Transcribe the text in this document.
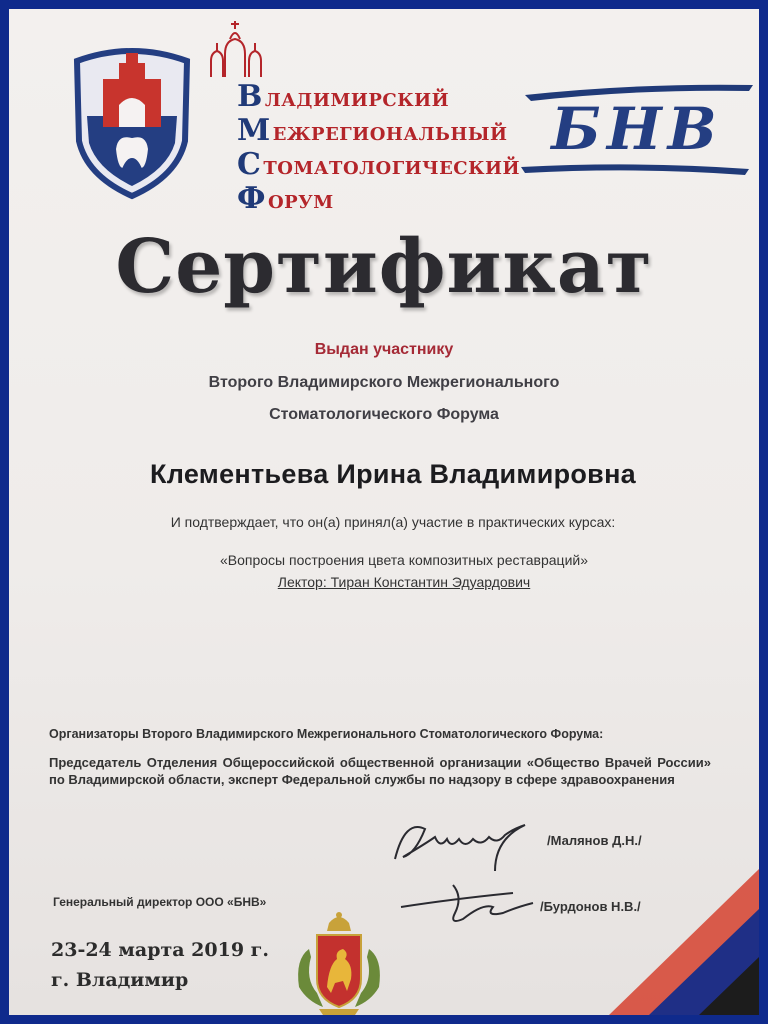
ВЛАДИМИРСКИЙ
МЕЖРЕГИОНАЛЬНЫЙ
СТОМАТОЛОГИЧЕСКИЙ
ФОРУМ
БНВ
Сертификат
Выдан участнику
Второго Владимирского Межрегионального
Стоматологического Форума
Клементьева Ирина Владимировна
И подтверждает, что он(а) принял(а) участие в практических курсах:
«Вопросы построения цвета композитных реставраций»
Лектор: Тиран Константин Эдуардович
Организаторы Второго Владимирского Межрегионального Стоматологического Форума:
Председатель Отделения Общероссийской общественной организации «Общество Врачей России» по Владимирской области, эксперт Федеральной службы по надзору в сфере здравоохранения
/Малянов Д.Н./
Генеральный директор ООО «БНВ»	/Бурдонов Н.В./
23-24 марта 2019 г.
г. Владимир
